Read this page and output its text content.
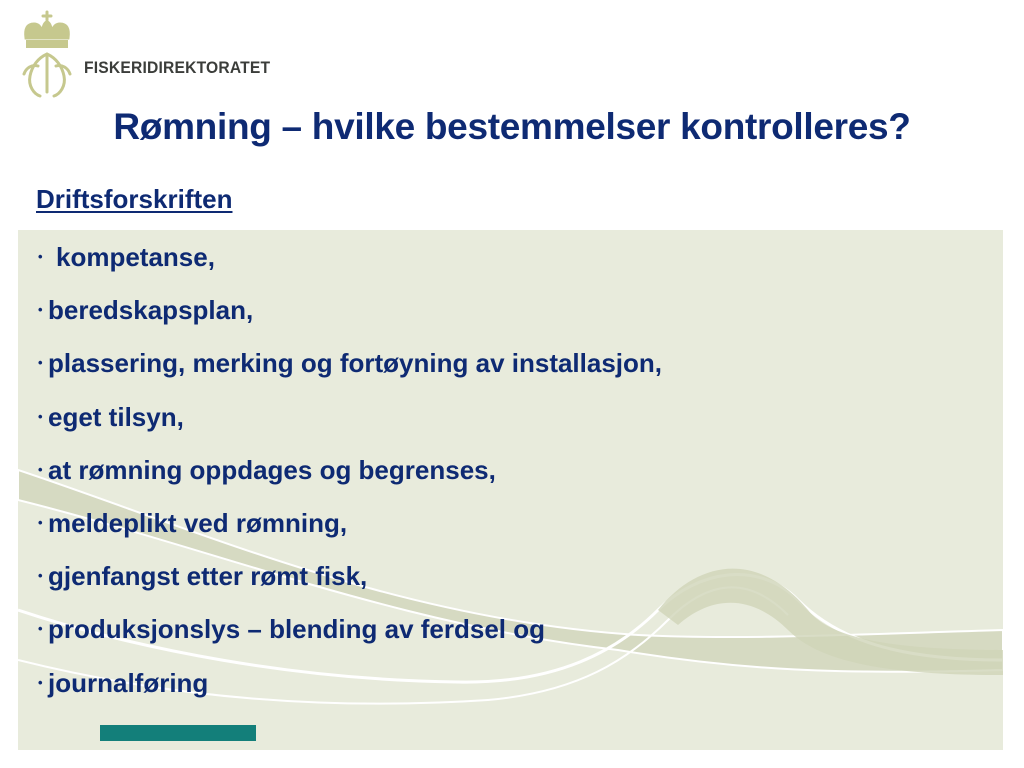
FISKERIDIREKTORATET
Rømning – hvilke bestemmelser kontrolleres?
Driftsforskriften
• kompetanse,
• beredskapsplan,
• plassering, merking og fortøyning av installasjon,
• eget tilsyn,
• at rømning oppdages og begrenses,
• meldeplikt ved rømning,
• gjenfangst etter rømt fisk,
• produksjonslys – blending av ferdsel og
• journalføring
